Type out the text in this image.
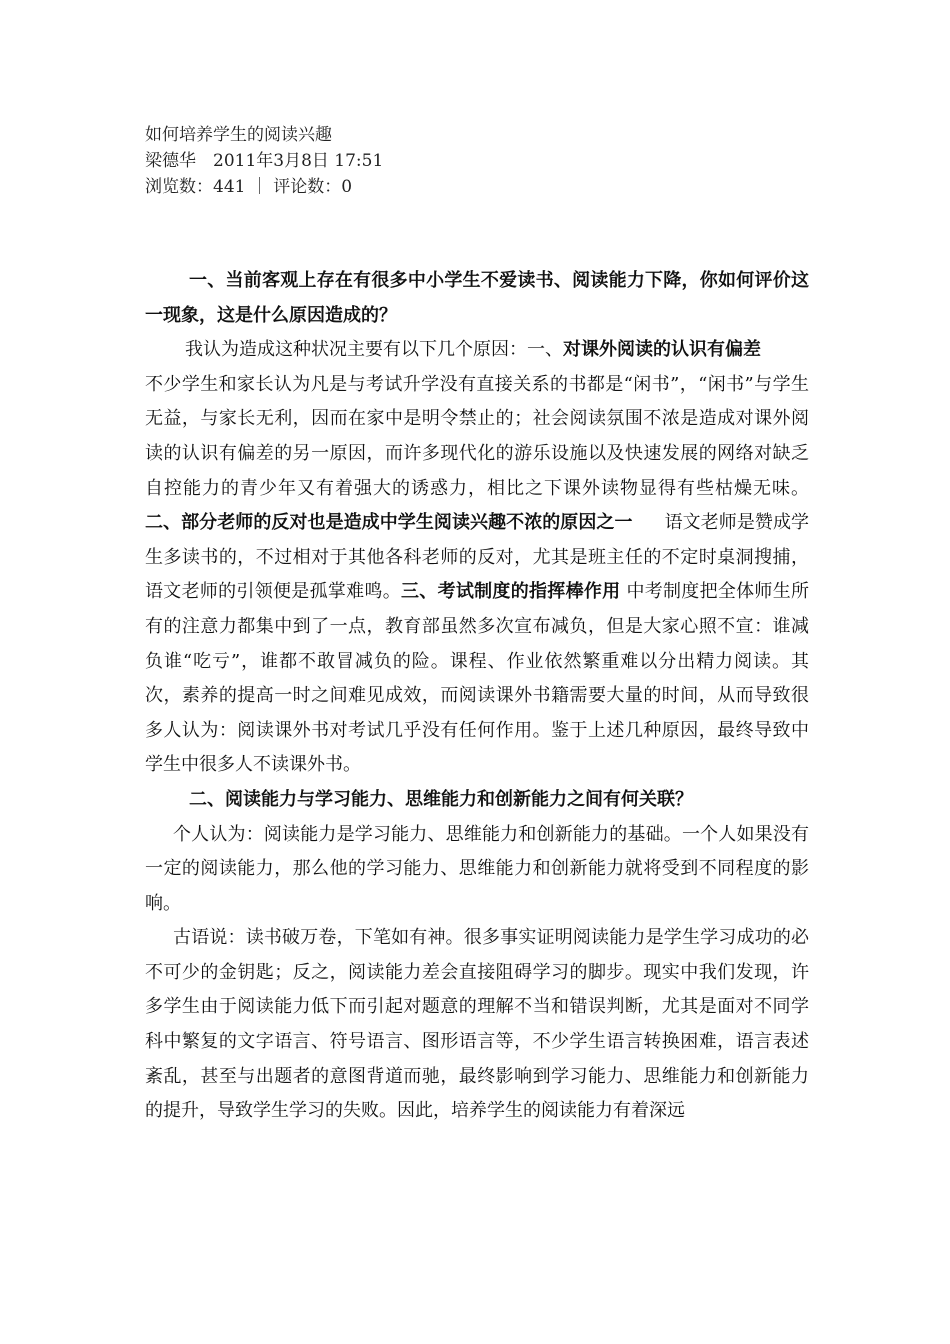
如何培养学生的阅读兴趣
梁德华　2011年3月8日 17:51
浏览数：441 ｜ 评论数：0

一、当前客观上存在有很多中小学生不爱读书、阅读能力下降，你如何评价这一现象，这是什么原因造成的？

我认为造成这种状况主要有以下几个原因：一、对课外阅读的认识有偏差
不少学生和家长认为凡是与考试升学没有直接关系的书都是“闲书”，“闲书”与学生无益，与家长无利，因而在家中是明令禁止的；社会阅读氛围不浓是造成对课外阅读的认识有偏差的另一原因，而许多现代化的游乐设施以及快速发展的网络对缺乏自控能力的青少年又有着强大的诱惑力，相比之下课外读物显得有些枯燥无味。二、部分老师的反对也是造成中学生阅读兴趣不浓的原因之一 语文老师是赞成学生多读书的，不过相对于其他各科老师的反对，尤其是班主任的不定时桌洞搜捕，语文老师的引领便是孤掌难鸣。三、考试制度的指挥棒作用 中考制度把全体师生所有的注意力都集中到了一点，教育部虽然多次宣布减负，但是大家心照不宣：谁减负谁“吃亏”，谁都不敢冒减负的险。课程、作业依然繁重难以分出精力阅读。其次，素养的提高一时之间难见成效，而阅读课外书籍需要大量的时间，从而导致很多人认为：阅读课外书对考试几乎没有任何作用。鉴于上述几种原因，最终导致中学生中很多人不读课外书。

二、阅读能力与学习能力、思维能力和创新能力之间有何关联？

个人认为：阅读能力是学习能力、思维能力和创新能力的基础。一个人如果没有一定的阅读能力，那么他的学习能力、思维能力和创新能力就将受到不同程度的影响。

古语说：读书破万卷，下笔如有神。很多事实证明阅读能力是学生学习成功的必不可少的金钥匙；反之，阅读能力差会直接阻碍学习的脚步。现实中我们发现，许多学生由于阅读能力低下而引起对题意的理解不当和错误判断，尤其是面对不同学科中繁复的文字语言、符号语言、图形语言等，不少学生语言转换困难，语言表述紊乱，甚至与出题者的意图背道而驰，最终影响到学习能力、思维能力和创新能力的提升，导致学生学习的失败。因此，培养学生的阅读能力有着深远
